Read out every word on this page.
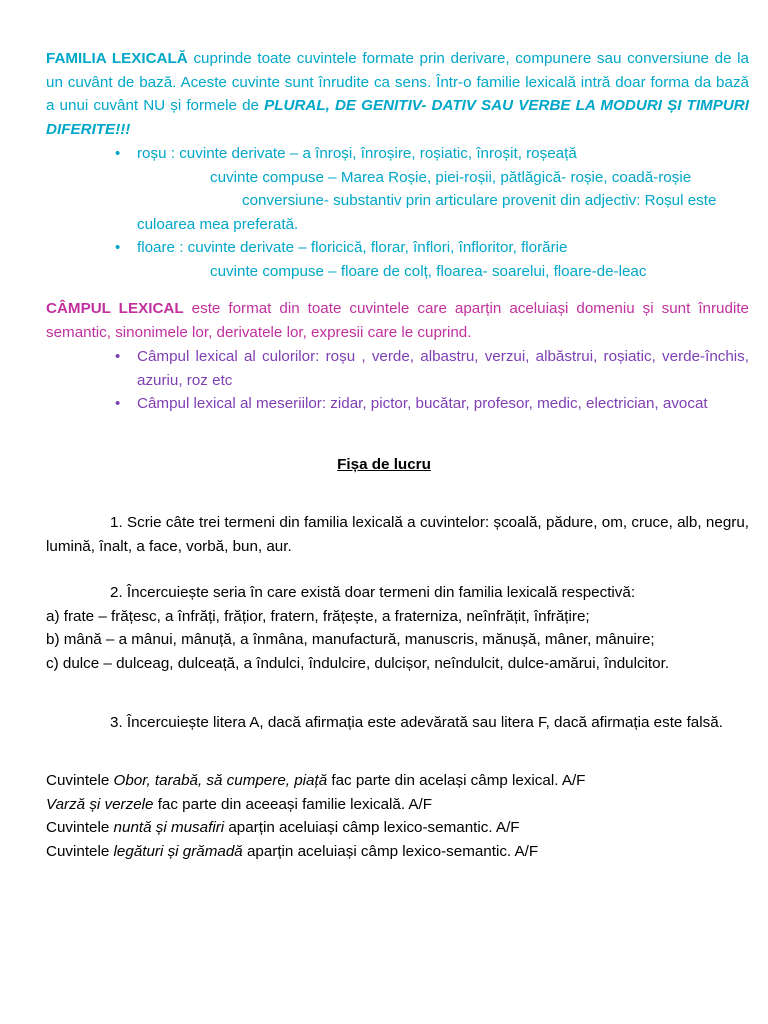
FAMILIA LEXICALĂ cuprinde toate cuvintele formate prin derivare, compunere sau conversiune de la un cuvânt de bază. Aceste cuvinte sunt înrudite ca sens. Într-o familie lexicală intră doar forma da bază a unui cuvânt NU și formele de PLURAL, DE GENITIV- DATIV SAU VERBE LA MODURI ȘI TIMPURI DIFERITE!!!

• roșu : cuvinte derivate – a înroși, înroșire, roșiatic, înroșit, roșeață

cuvinte compuse – Marea Roșie, piei-roșii, pătlăgică- roșie, coadă-roșie

conversiune- substantiv prin articulare provenit din adjectiv: Roșul este

culoarea mea preferată.

• floare : cuvinte derivate – floricică, florar, înflori, înfloritor, florărie

cuvinte compuse – floare de colț, floarea- soarelui, floare-de-leac

CÂMPUL LEXICAL este format din toate cuvintele care aparțin aceluiași domeniu și sunt înrudite semantic, sinonimele lor, derivatele lor, expresii care le cuprind.

• Câmpul lexical al culorilor: roșu , verde, albastru, verzui, albăstrui, roșiatic, verde-închis, azuriu, roz etc
• Câmpul lexical al meseriilor: zidar, pictor, bucătar, profesor, medic, electrician, avocat

Fișa de lucru

1. Scrie câte trei termeni din familia lexicală a cuvintelor: școală, pădure, om, cruce, alb, negru, lumină, înalt, a face, vorbă, bun, aur.

2. Încercuiește seria în care există doar termeni din familia lexicală respectivă:

a) frate – frățesc, a înfrăți, frățior, fratern, frățește, a fraterniza, neînfrățit, înfrățire;

b) mână – a mânui, mânuță, a înmâna, manufactură, manuscris, mănușă, mâner, mânuire;

c) dulce – dulceag, dulceață, a îndulci, îndulcire, dulcișor, neîndulcit, dulce-amărui, îndulcitor.

3. Încercuiește litera A, dacă afirmația este adevărată sau litera F, dacă afirmația este falsă.

Cuvintele Obor, tarabă, să cumpere, piață fac parte din același câmp lexical. A/F

Varză și verzele fac parte din aceeași familie lexicală. A/F

Cuvintele nuntă și musafiri aparțin aceluiași câmp lexico-semantic. A/F

Cuvintele legături și grămadă aparțin aceluiași câmp lexico-semantic. A/F
